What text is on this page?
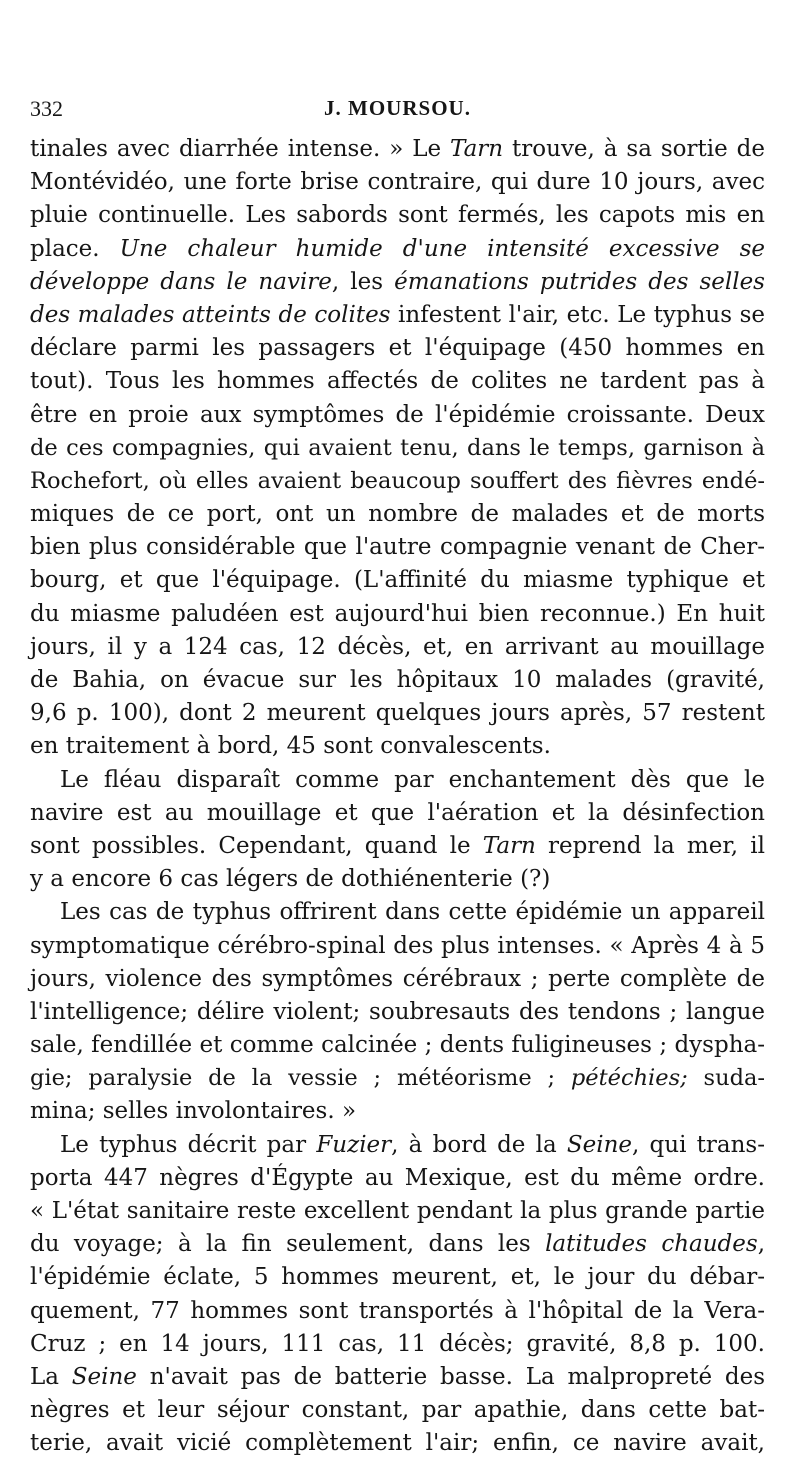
332	J. MOURSOU.
tinales avec diarrhée intense. » Le Tarn trouve, à sa sortie de
Montévidéo, une forte brise contraire, qui dure 10 jours, avec
pluie continuelle. Les sabords sont fermés, les capots mis en
place. Une chaleur humide d'une intensité excessive se
développe dans le navire, les émanations putrides des selles
des malades atteints de colites infestent l'air, etc. Le typhus se
déclare parmi les passagers et l'équipage (450 hommes en
tout). Tous les hommes affectés de colites ne tardent pas à
être en proie aux symptômes de l'épidémie croissante. Deux
de ces compagnies, qui avaient tenu, dans le temps, garnison à
Rochefort, où elles avaient beaucoup souffert des fièvres endé-
miques de ce port, ont un nombre de malades et de morts
bien plus considérable que l'autre compagnie venant de Cher-
bourg, et que l'équipage. (L'affinité du miasme typhique et
du miasme paludéen est aujourd'hui bien reconnue.) En huit
jours, il y a 124 cas, 12 décès, et, en arrivant au mouillage
de Bahia, on évacue sur les hôpitaux 10 malades (gravité,
9,6 p. 100), dont 2 meurent quelques jours après, 57 restent
en traitement à bord, 45 sont convalescents.
Le fléau disparaît comme par enchantement dès que le
navire est au mouillage et que l'aération et la désinfection
sont possibles. Cependant, quand le Tarn reprend la mer, il
y a encore 6 cas légers de dothiénenterie (?)
Les cas de typhus offrirent dans cette épidémie un appareil
symptomatique cérébro-spinal des plus intenses. « Après 4 à 5
jours, violence des symptômes cérébraux ; perte complète de
l'intelligence; délire violent; soubresauts des tendons ; langue
sale, fendillée et comme calcinée ; dents fuligineuses ; dyspha-
gie; paralysie de la vessie ; météorisme ; pétéchies; suda-
mina; selles involontaires. »
Le typhus décrit par Fuzier, à bord de la Seine, qui trans-
porta 447 nègres d'Égypte au Mexique, est du même ordre.
« L'état sanitaire reste excellent pendant la plus grande partie
du voyage; à la fin seulement, dans les latitudes chaudes,
l'épidémie éclate, 5 hommes meurent, et, le jour du débar-
quement, 77 hommes sont transportés à l'hôpital de la Vera-
Cruz ; en 14 jours, 111 cas, 11 décès; gravité, 8,8 p. 100.
La Seine n'avait pas de batterie basse. La malpropreté des
nègres et leur séjour constant, par apathie, dans cette bat-
terie, avait vicié complètement l'air; enfin, ce navire avait,
